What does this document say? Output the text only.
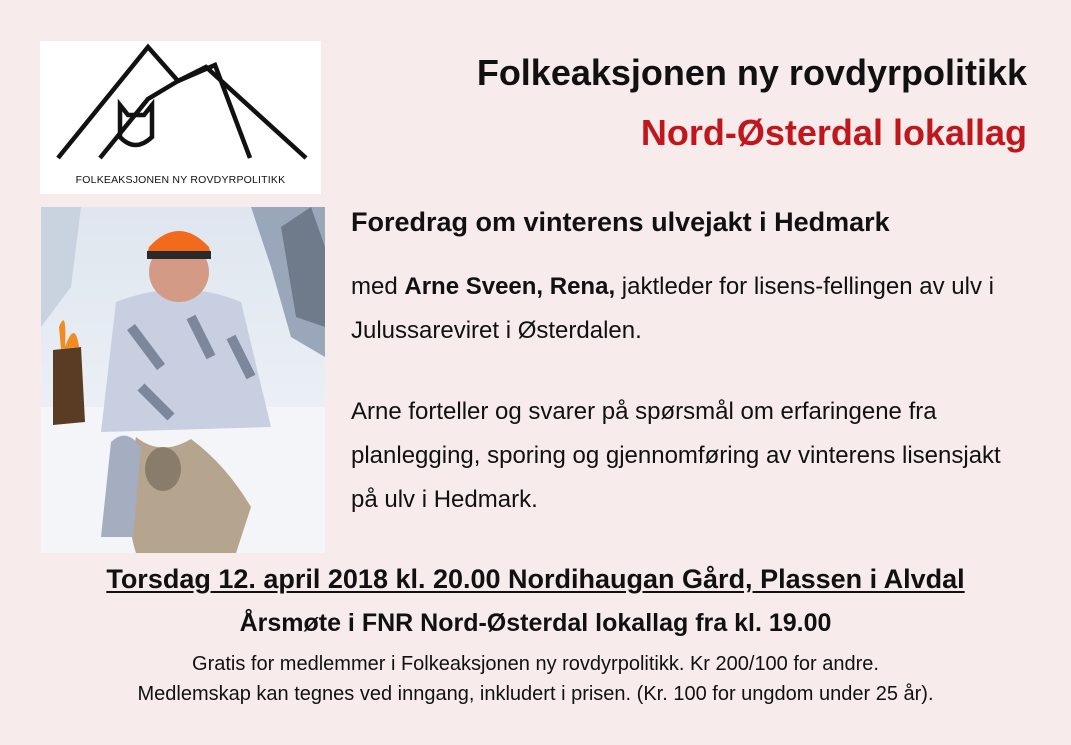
FOLKEAKSJONEN NY ROVDYRPOLITIKK
Folkeaksjonen ny rovdyrpolitikk
Nord-Østerdal lokallag
Foredrag om vinterens ulvejakt i Hedmark
med Arne Sveen, Rena, jaktleder for lisens-fellingen av ulv i Julussareviret i Østerdalen.
Arne forteller og svarer på spørsmål om erfaringene fra planlegging, sporing og gjennomføring av vinterens lisensjakt på ulv i Hedmark.
Torsdag 12. april 2018 kl. 20.00 Nordihaugan Gård, Plassen i Alvdal
Årsmøte i FNR Nord-Østerdal lokallag fra kl. 19.00
Gratis for medlemmer i Folkeaksjonen ny rovdyrpolitikk. Kr 200/100 for andre.
Medlemskap kan tegnes ved inngang, inkludert i prisen. (Kr. 100 for ungdom under 25 år).
